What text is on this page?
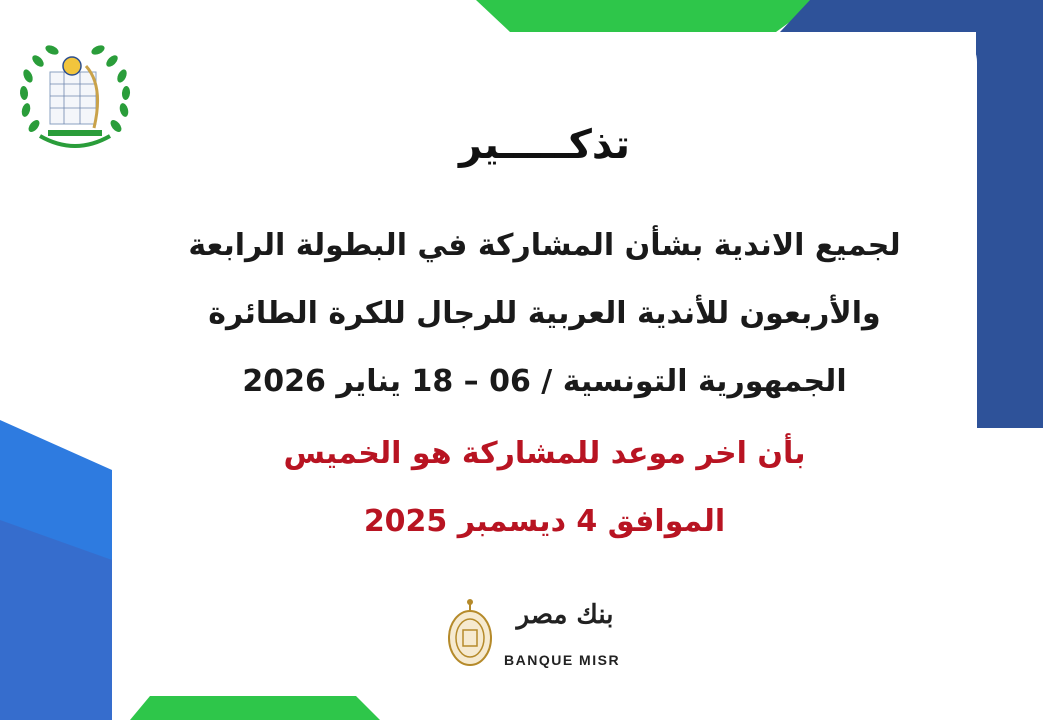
تذكـــــير
لجميع الاندية بشأن المشاركة في البطولة الرابعة
والأربعون للأندية العربية للرجال للكرة الطائرة
الجمهورية التونسية / 06 – 18 يناير 2026
بأن اخر موعد للمشاركة هو الخميس
الموافق 4 ديسمبر 2025
بنك مصر
BANQUE MISR
